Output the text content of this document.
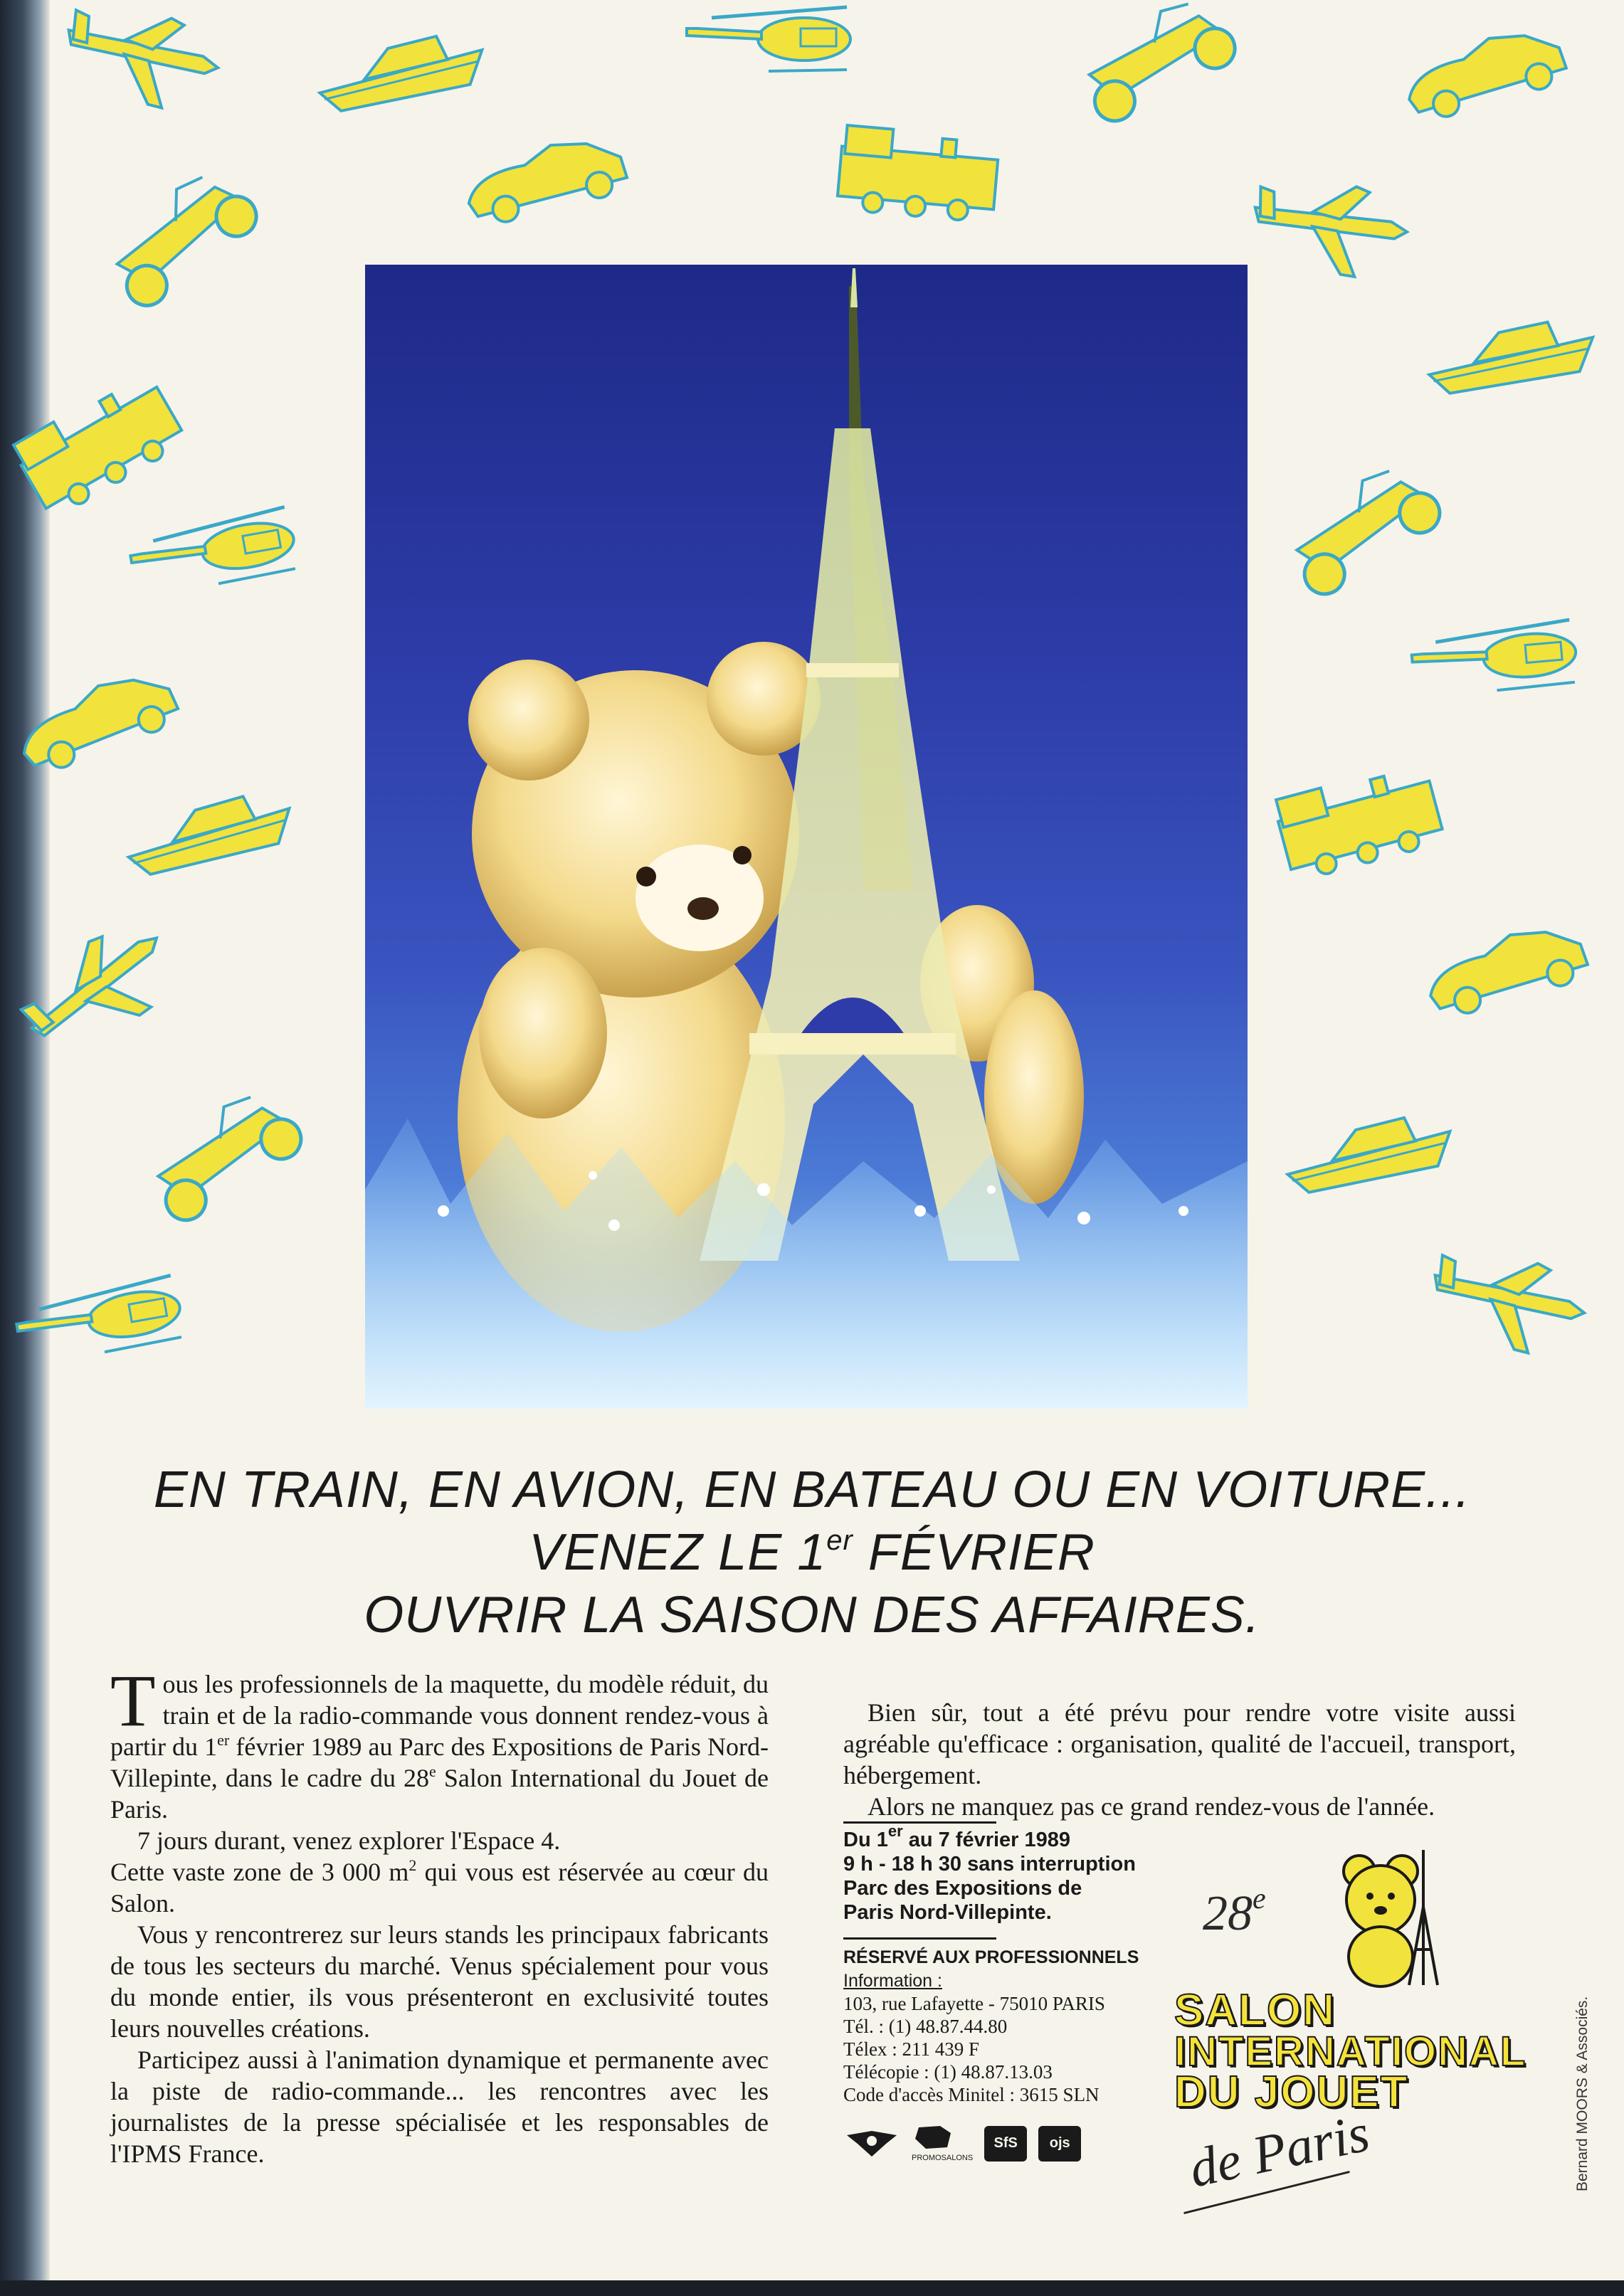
EN TRAIN, EN AVION, EN BATEAU OU EN VOITURE...
VENEZ LE 1er FÉVRIER
OUVRIR LA SAISON DES AFFAIRES.

Tous les professionnels de la maquette, du modèle réduit, du train et de la radio-commande vous donnent rendez-vous à partir du 1er février 1989 au Parc des Expositions de Paris Nord-Villepinte, dans le cadre du 28e Salon International du Jouet de Paris.

7 jours durant, venez explorer l'Espace 4.

Cette vaste zone de 3 000 $m^2$ qui vous est réservée au cœur du Salon.

Vous y rencontrerez sur leurs stands les principaux fabricants de tous les secteurs du marché. Venus spécialement pour vous du monde entier, ils vous présenteront en exclusivité toutes leurs nouvelles créations.

Participez aussi à l'animation dynamique et permanente avec la piste de radio-commande... les rencontres avec les journalistes de la presse spécialisée et les responsables de l'IPMS France.

Bien sûr, tout a été prévu pour rendre votre visite aussi agréable qu'efficace : organisation, qualité de l'accueil, transport, hébergement.

Alors ne manquez pas ce grand rendez-vous de l'année.

Du 1er au 7 février 1989
9 h - 18 h 30 sans interruption
Parc des Expositions de
Paris Nord-Villepinte.
RÉSERVÉ AUX PROFESSIONNELS
Information :
103, rue Lafayette - 75010 PARIS
Tél. : (1) 48.87.44.80
Télex : 211 439 F
Télécopie : (1) 48.87.13.03
Code d'accès Minitel : 3615 SLN
PROMOSALONS
SfS	ojs
28e
SALON
INTERNATIONAL
DU JOUET
de Paris	Bernard MOORS & Associés.
